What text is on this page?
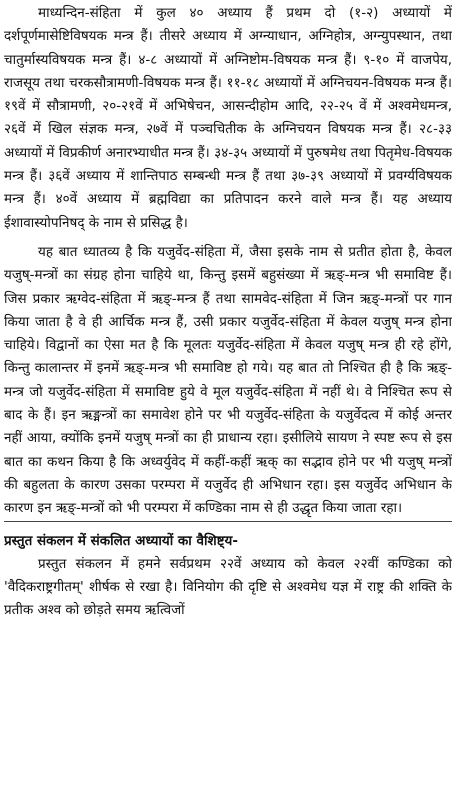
माध्यन्दिन-संहिता में कुल ४० अध्याय हैं प्रथम दो (१-२) अध्यायों में दर्शपूर्णमासेष्टिविषयक मन्त्र हैं। तीसरे अध्याय में अग्न्याधान, अग्निहोत्र, अग्न्युपस्थान, तथा चातुर्मास्यविषयक मन्त्र हैं। ४-८ अध्यायों में अग्निष्टोम-विषयक मन्त्र हैं। ९-१० में वाजपेय, राजसूय तथा चरकसौत्रामणी-विषयक मन्त्र हैं। ११-१८ अध्यायों में अग्निचयन-विषयक मन्त्र हैं। १९वें में सौत्रामणी, २०-२१वें में अभिषेचन, आसन्दीहोम आदि, २२-२५ वें में अश्वमेधमन्त्र, २६वें में खिल संज्ञक मन्त्र, २७वें में पञ्चचितीक के अग्निचयन विषयक मन्त्र हैं। २८-३३ अध्यायों में विप्रकीर्ण अनारभ्याधीत मन्त्र हैं। ३४-३५ अध्यायों में पुरुषमेध तथा पितृमेध-विषयक मन्त्र हैं। ३६वें अध्याय में शान्तिपाठ सम्बन्धी मन्त्र हैं तथा ३७-३९ अध्यायों में प्रवर्ग्यविषयक मन्त्र हैं। ४०वें अध्याय में ब्रह्मविद्या का प्रतिपादन करने वाले मन्त्र हैं। यह अध्याय ईशावास्योपनिषद् के नाम से प्रसिद्ध है।

यह बात ध्यातव्य है कि यजुर्वेद-संहिता में, जैसा इसके नाम से प्रतीत होता है, केवल यजुष्-मन्त्रों का संग्रह होना चाहिये था, किन्तु इसमें बहुसंख्या में ऋङ्-मन्त्र भी समाविष्ट हैं। जिस प्रकार ऋग्वेद-संहिता में ऋङ्-मन्त्र हैं तथा सामवेद-संहिता में जिन ऋङ्-मन्त्रों पर गान किया जाता है वे ही आर्चिक मन्त्र हैं, उसी प्रकार यजुर्वेद-संहिता में केवल यजुष् मन्त्र होना चाहिये। विद्वानों का ऐसा मत है कि मूलतः यजुर्वेद-संहिता में केवल यजुष् मन्त्र ही रहे होंगे, किन्तु कालान्तर में इनमें ऋङ्-मन्त्र भी समाविष्ट हो गये। यह बात तो निश्चित ही है कि ऋङ्-मन्त्र जो यजुर्वेद-संहिता में समाविष्ट हुये वे मूल यजुर्वेद-संहिता में नहीं थे। वे निश्चित रूप से बाद के हैं। इन ऋङ्मन्त्रों का समावेश होने पर भी यजुर्वेद-संहिता के यजुर्वेदत्व में कोई अन्तर नहीं आया, क्योंकि इनमें यजुष् मन्त्रों का ही प्राधान्य रहा। इसीलिये सायण ने स्पष्ट रूप से इस बात का कथन किया है कि अध्वर्युवेद में कहीं-कहीं ऋक् का सद्भाव होने पर भी यजुष् मन्त्रों की बहुलता के कारण उसका परम्परा में यजुर्वेद ही अभिधान रहा। इस यजुर्वेद अभिधान के कारण इन ऋङ्-मन्त्रों को भी परम्परा में कण्डिका नाम से ही उद्धृत किया जाता रहा।

प्रस्तुत संकलन में संकलित अध्यायों का वैशिष्ट्य-

प्रस्तुत संकलन में हमने सर्वप्रथम २२वें अध्याय को केवल २२वीं कण्डिका को 'वैदिकराष्ट्रगीतम्' शीर्षक से रखा है। विनियोग की दृष्टि से अश्वमेध यज्ञ में राष्ट्र की शक्ति के प्रतीक अश्व को छोड़ते समय ऋत्विजों
